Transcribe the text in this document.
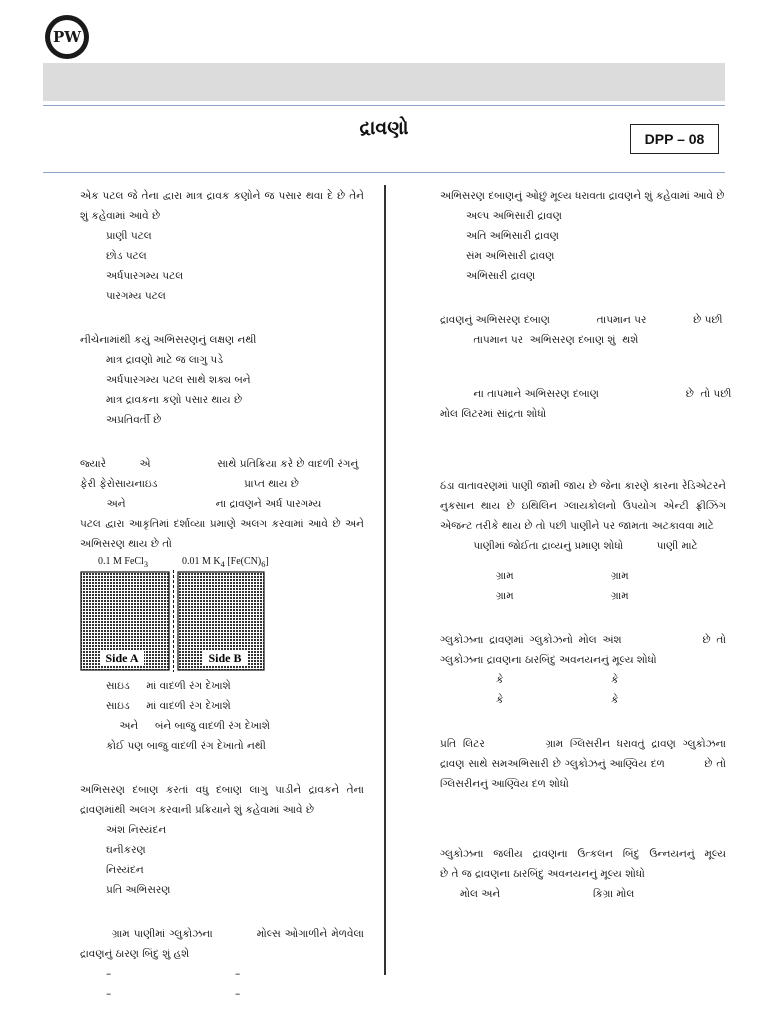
PW
દ્રાવણો	DPP – 08
એક પટલ જે તેના દ્વારા માત્ર દ્રાવક કણોને જ પસાર થવા દે છે તેને શું કહેવામાં આવે છે
પ્રાણી પટલ
છોડ પટલ
અર્ધપારગમ્ય પટલ
પારગમ્ય પટલ
નીચેનામાંથી કયું અભિસરણનું લક્ષણ નથી
માત્ર દ્રાવણો માટે જ લાગુ પડે
અર્ધપારગમ્ય પટલ સાથે શક્ય બને
માત્ર દ્રાવકના કણો પસાર થાય છે
અપ્રતિવર્તી છે
જ્યારે          એ                    સાથે પ્રતિક્રિયા કરે છે વાદળી રંગનું
ફેરી ફેરોસાયનાઇડ                          પ્રાપ્ત થાય છે
અને                           ના દ્રાવણને અર્ધ પારગમ્ય
પટલ દ્વારા આકૃતિમાં દર્શાવ્યા પ્રમાણે અલગ કરવામાં આવે છે અને અભિસરણ થાય છે તો
0.1 M FeCl$_3$	0.01 M $K_4$ $[Fe(CN)_6]$
Side A	Side B
સાઇડ     માં વાદળી રંગ દેખાશે
સાઇડ     માં વાદળી રંગ દેખાશે
અને     બંને બાજુ વાદળી રંગ દેખાશે
કોઈ પણ બાજુ વાદળી રંગ દેખાતો નથી
અભિસરણ દબાણ કરતાં વધુ દબાણ લાગુ પાડીને દ્રાવકને તેના દ્રાવણમાંથી અલગ કરવાની પ્રક્રિયાને શું કહેવામાં આવે છે
અંશ નિસ્યંદન
ઘનીકરણ
નિસ્યંદન
પ્રતિ અભિસરણ
ગ્રામ પાણીમાં ગ્લુકોઝના           મોલ્સ ઓગાળીને મેળવેલા દ્રાવણનું ઠારણ બિંદુ શું હશે
–	–
–	–
અભિસરણ દબાણનું ઓછું મૂલ્ય ધરાવતા દ્રાવણને શું કહેવામાં આવે છે
અલ્પ અભિસારી દ્રાવણ
અતિ અભિસારી દ્રાવણ
સંમ અભિસારી દ્રાવણ
અભિસારી દ્રાવણ
દ્રાવણનું અભિસરણ દબાણ              તાપમાન પર              છે પછી
તાપમાન પર  અભિસરણ દબાણ શું  થશે
ના તાપમાને અભિસરણ દબાણ                          છે  તો પછી
મોલ લિટરમાં સાંદ્રતા શોધો
ઠંડા વાતાવરણમાં પાણી જામી જાય છે જેના કારણે કારના રેડિએટરને નુકસાન થાય છે ઇથિલિન ગ્લાયકોલનો ઉપયોગ એન્ટી ફ્રીઝિંગ એજન્ટ તરીકે થાય છે તો પછી પાણીને પર જામતા અટકાવવા માટે
પાણીમાં જોઈતા દ્રાવ્યનું પ્રમાણ શોધો          પાણી માટે
ગ્રામ	ગ્રામ
ગ્રામ	ગ્રામ
ગ્લુકોઝના દ્રાવણમાં ગ્લુકોઝનો મોલ અંશ              છે તો ગ્લુકોઝના દ્રાવણના ઠારબિંદુ અવનયનનું મૂલ્ય શોધો
કે	કે
કે	કે
પ્રતિ લિટર         ગ્રામ ગ્લિસરીન ધરાવતું દ્રાવણ ગ્લુકોઝના          દ્રાવણ સાથે સમઅભિસારી છે ગ્લુકોઝનું આણ્વિય દળ          છે તો ગ્લિસરીનનું આણ્વિય દળ શોધો
ગ્લુકોઝના જલીય દ્રાવણના ઉત્કલન બિંદુ ઉન્નયનનું મૂલ્ય            છે તે જ દ્રાવણના ઠારબિંદુ અવનયનનું મૂલ્ય શોધો
મોલ અને	કિગ્રા મોલ
